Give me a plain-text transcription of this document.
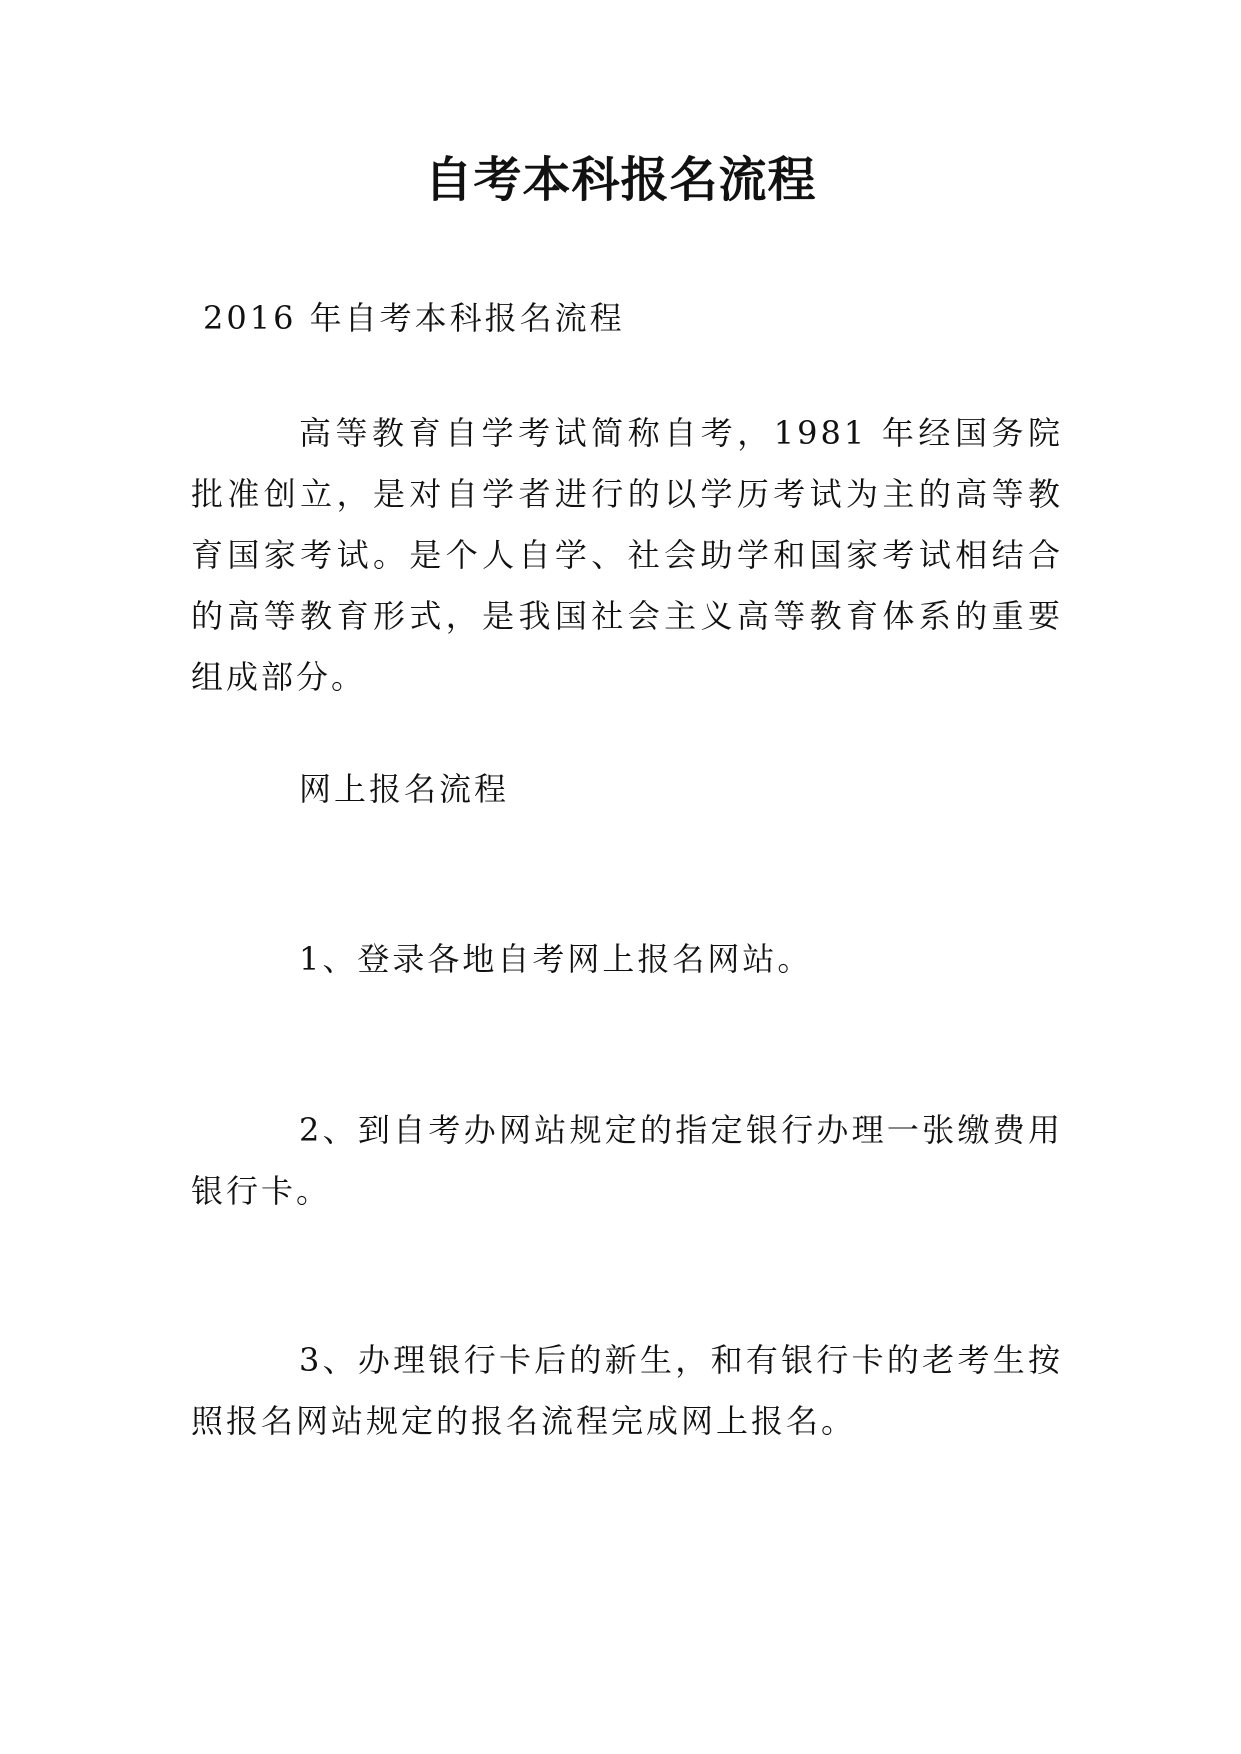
自考本科报名流程

2016 年自考本科报名流程

高等教育自学考试简称自考，1981 年经国务院批准创立，是对自学者进行的以学历考试为主的高等教育国家考试。是个人自学、社会助学和国家考试相结合的高等教育形式，是我国社会主义高等教育体系的重要组成部分。

网上报名流程

1、登录各地自考网上报名网站。

2、到自考办网站规定的指定银行办理一张缴费用银行卡。

3、办理银行卡后的新生，和有银行卡的老考生按照报名网站规定的报名流程完成网上报名。
